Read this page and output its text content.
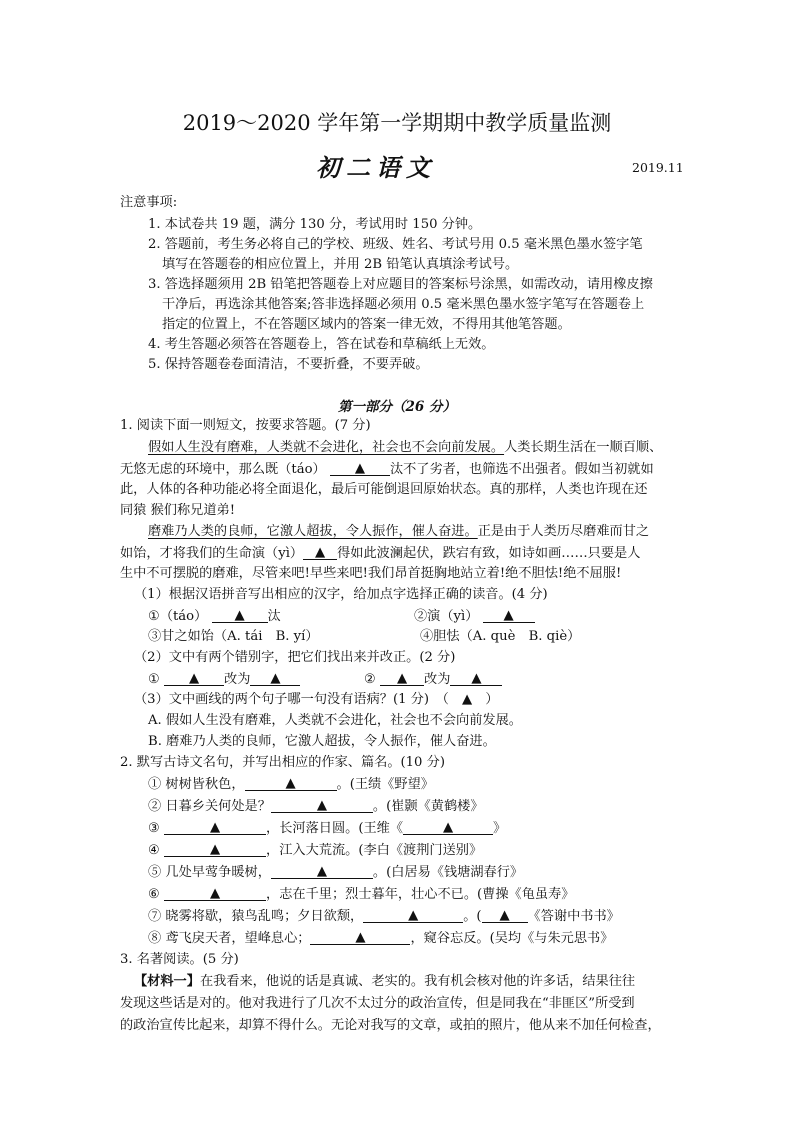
2019～2020 学年第一学期期中教学质量监测
初二语文	2019.11
注意事项:
1. 本试卷共 19 题，满分 130 分，考试用时 150 分钟。
2. 答题前，考生务必将自己的学校、班级、姓名、考试号用 0.5 毫米黑色墨水签字笔
填写在答题卷的相应位置上，并用 2B 铅笔认真填涂考试号。
3. 答选择题须用 2B 铅笔把答题卷上对应题目的答案标号涂黑，如需改动，请用橡皮擦
干净后，再选涂其他答案;答非选择题必须用 0.5 毫米黑色墨水签字笔写在答题卷上
指定的位置上，不在答题区域内的答案一律无效，不得用其他笔答题。
4. 考生答题必须答在答题卷上，答在试卷和草稿纸上无效。
5. 保持答题卷卷面清洁，不要折叠，不要弄破。
第一部分（26 分）
1. 阅读下面一则短文，按要求答题。(7 分)
假如人生没有磨难，人类就不会进化，社会也不会向前发展。人类长期生活在一顺百顺、
无悠无虑的环境中，那么既（táo） ▲ 汰不了劣者，也筛选不出强者。假如当初就如
此，人体的各种功能必将全面退化，最后可能倒退回原始状态。真的那样，人类也许现在还
同猿 猴们称兄道弟!
磨难乃人类的良师，它激人超拔，令人振作，催人奋进。正是由于人类历尽磨难而甘之
如饴，才将我们的生命演（yì） ▲ 得如此波澜起伏，跌宕有致，如诗如画……只要是人
生中不可摆脱的磨难，尽管来吧!早些来吧!我们昂首挺胸地站立着!绝不胆怯!绝不屈服!
（1）根据汉语拼音写出相应的汉字，给加点字选择正确的读音。(4 分)
①（táo） ▲ 汰	②演（yì） ▲
③甘之如饴（A. tái　B. yí）	④胆怯（A. què　B. qiè）
（2）文中有两个错别字，把它们找出来并改正。(2 分)
① ▲ 改为 ▲	② ▲ 改为 ▲
（3）文中画线的两个句子哪一句没有语病？(1 分)　（　▲　）
A. 假如人生没有磨难，人类就不会进化，社会也不会向前发展。
B. 磨难乃人类的良师，它激人超拔，令人振作，催人奋进。
2. 默写古诗文名句，并写出相应的作家、篇名。(10 分)
① 树树皆秋色，	▲	。(王绩《野望》
② 日暮乡关何处是？	▲	。(崔颢《黄鹤楼》
③	▲	，长河落日圆。(王维《	▲	》
④	▲	，江入大荒流。(李白《渡荆门送别》
⑤ 几处早莺争暖树，	▲	。(白居易《钱塘湖春行》
⑥	▲	，志在千里；烈士暮年，壮心不已。(曹操《龟虽寿》
⑦ 晓雾将歇，猿鸟乱鸣；夕日欲颓，	▲	。( ▲ 《答谢中书书》
⑧ 鸢飞戾天者，望峰息心；	▲	，窥谷忘反。(吴均《与朱元思书》
3. 名著阅读。(5 分)
【材料一】在我看来，他说的话是真诚、老实的。我有机会核对他的许多话，结果往往
发现这些话是对的。他对我进行了几次不太过分的政治宣传，但是同我在“非匪区”所受到
的政治宣传比起来，却算不得什么。无论对我写的文章，或拍的照片，他从来不加任何检查，
